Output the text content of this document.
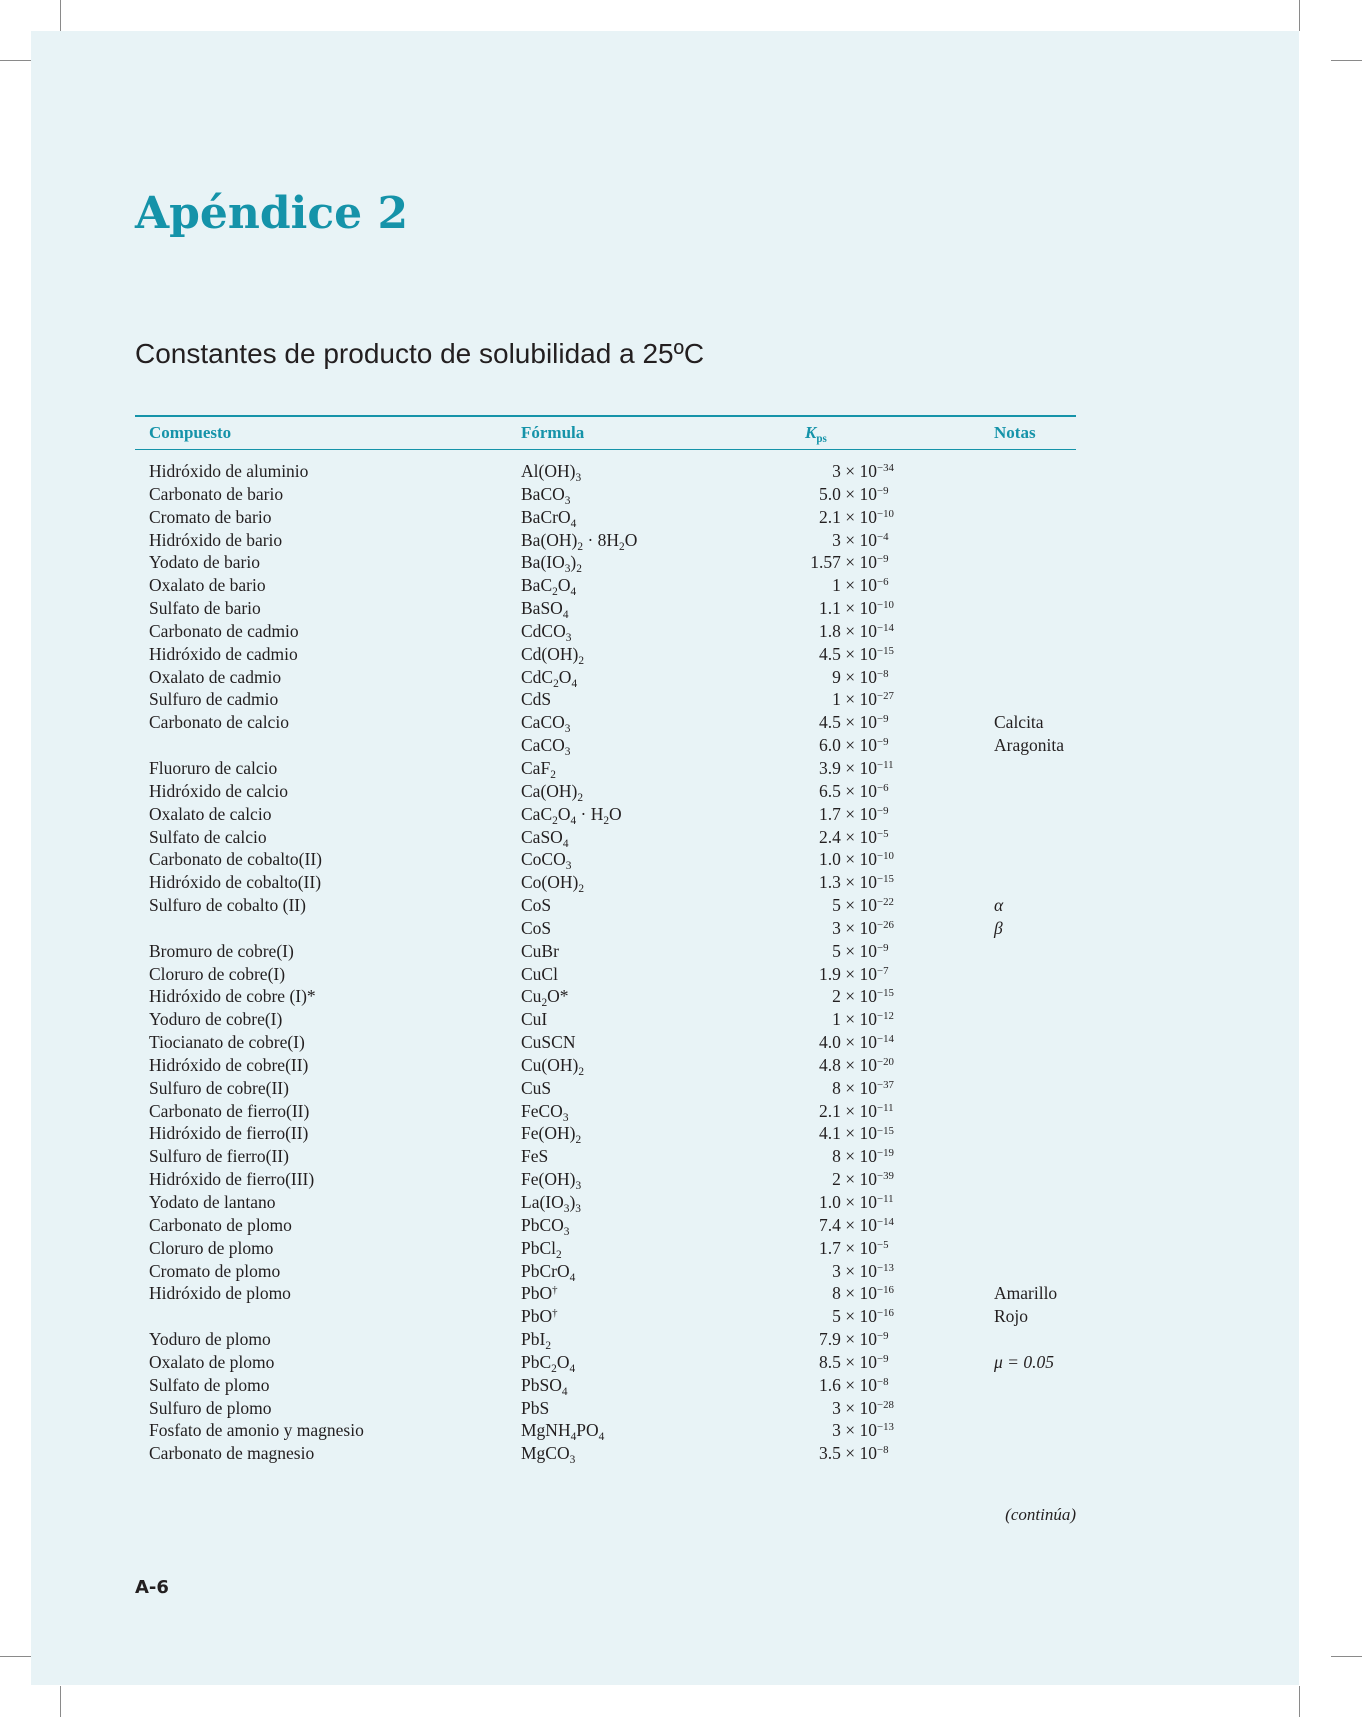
Apéndice 2
Constantes de producto de solubilidad a 25ºC
Compuesto	Fórmula	$K_{ps}$	Notas
Hidróxido de aluminio	$Al(OH)_3$	$3 \times 10^{-34}$
Carbonato de bario	BaCO$_3$	$5.0 \times 10^{-9}$
Cromato de bario	BaCrO$_4$	$2.1 \times 10^{-10}$
Hidróxido de bario	$Ba(OH)_2 \cdot 8H_2O$	$3 \times 10^{-4}$
Yodato de bario	$Ba(IO_3)_2$	$1.57 \times 10^{-9}$
Oxalato de bario	$BaC_2O_4$	$1 \times 10^{-6}$
Sulfato de bario	BaSO$_4$	$1.1 \times 10^{-10}$
Carbonato de cadmio	CdCO$_3$	$1.8 \times 10^{-14}$
Hidróxido de cadmio	$Cd(OH)_2$	$4.5 \times 10^{-15}$
Oxalato de cadmio	$CdC_2O_4$	$9 \times 10^{-8}$
Sulfuro de cadmio	CdS	$1 \times 10^{-27}$
Carbonato de calcio	CaCO$_3$	$4.5 \times 10^{-9}$	Calcita
CaCO$_3$	$6.0 \times 10^{-9}$	Aragonita
Fluoruro de calcio	CaF$_2$	$3.9 \times 10^{-11}$
Hidróxido de calcio	$Ca(OH)_2$	$6.5 \times 10^{-6}$
Oxalato de calcio	$CaC_2O_4 \cdot H_2O$	$1.7 \times 10^{-9}$
Sulfato de calcio	CaSO$_4$	$2.4 \times 10^{-5}$
Carbonato de cobalto(II)	CoCO$_3$	$1.0 \times 10^{-10}$
Hidróxido de cobalto(II)	$Co(OH)_2$	$1.3 \times 10^{-15}$
Sulfuro de cobalto (II)	CoS	$5 \times 10^{-22}$	α
CoS	$3 \times 10^{-26}$	β
Bromuro de cobre(I)	CuBr	$5 \times 10^{-9}$
Cloruro de cobre(I)	CuCl	$1.9 \times 10^{-7}$
Hidróxido de cobre (I)*	$Cu_2O*$	$2 \times 10^{-15}$
Yoduro de cobre(I)	CuI	$1 \times 10^{-12}$
Tiocianato de cobre(I)	CuSCN	$4.0 \times 10^{-14}$
Hidróxido de cobre(II)	$Cu(OH)_2$	$4.8 \times 10^{-20}$
Sulfuro de cobre(II)	CuS	$8 \times 10^{-37}$
Carbonato de fierro(II)	FeCO$_3$	$2.1 \times 10^{-11}$
Hidróxido de fierro(II)	$Fe(OH)_2$	$4.1 \times 10^{-15}$
Sulfuro de fierro(II)	FeS	$8 \times 10^{-19}$
Hidróxido de fierro(III)	$Fe(OH)_3$	$2 \times 10^{-39}$
Yodato de lantano	$La(IO_3)_3$	$1.0 \times 10^{-11}$
Carbonato de plomo	PbCO$_3$	$7.4 \times 10^{-14}$
Cloruro de plomo	PbCl$_2$	$1.7 \times 10^{-5}$
Cromato de plomo	PbCrO$_4$	$3 \times 10^{-13}$
Hidróxido de plomo	PbO†	$8 \times 10^{-16}$	Amarillo
PbO†	$5 \times 10^{-16}$	Rojo
Yoduro de plomo	PbI$_2$	$7.9 \times 10^{-9}$
Oxalato de plomo	$PbC_2O_4$	$8.5 \times 10^{-9}$	μ = 0.05
Sulfato de plomo	PbSO$_4$	$1.6 \times 10^{-8}$
Sulfuro de plomo	PbS	$3 \times 10^{-28}$
Fosfato de amonio y magnesio	$MgNH_4PO_4$	$3 \times 10^{-13}$
Carbonato de magnesio	MgCO$_3$	$3.5 \times 10^{-8}$
(continúa)
A-6
